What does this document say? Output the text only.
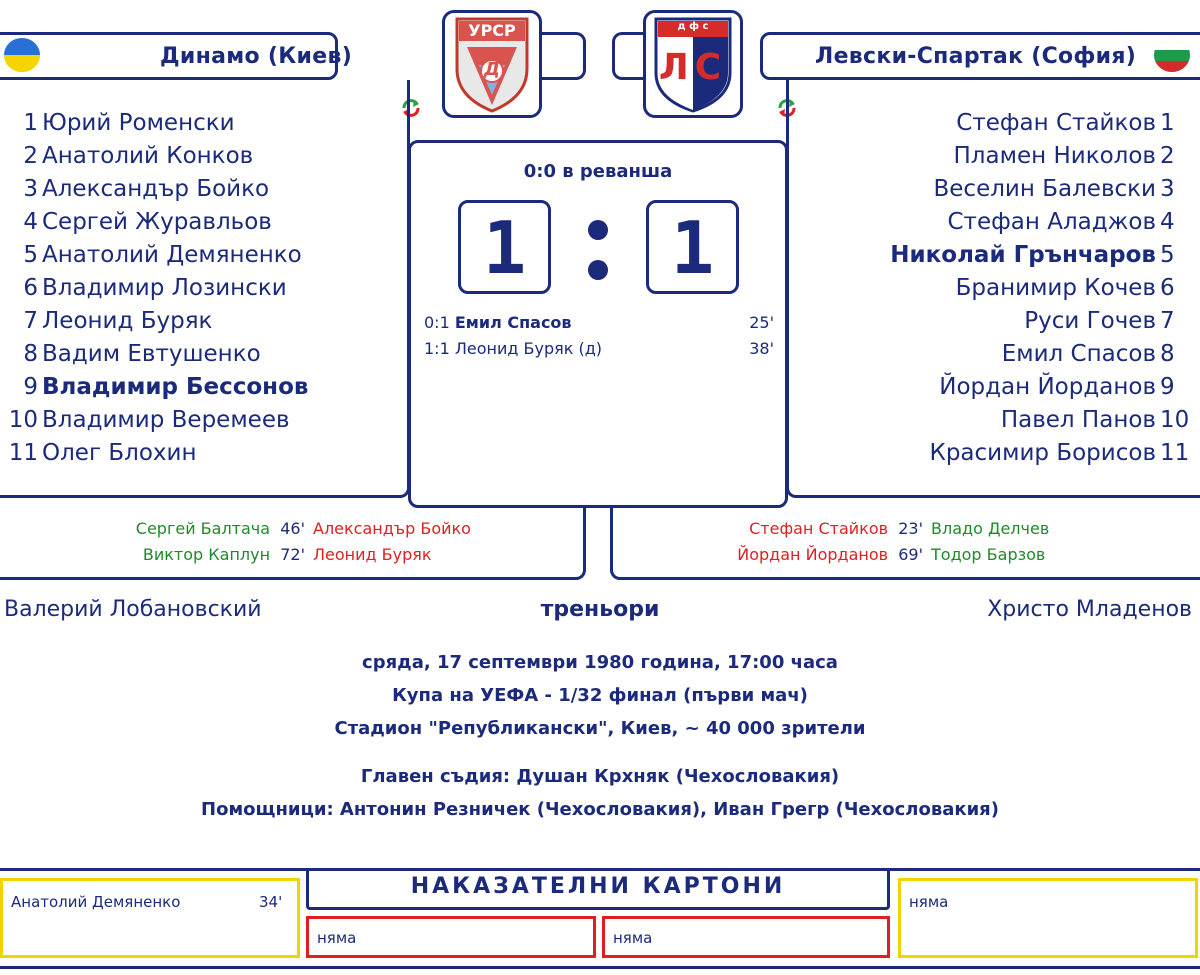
Динамо (Киев)
УРСР
Д
д ф с
ЛС	Левски-Спартак (София)
1 Юрий Роменски
2 Анатолий Конков
3 Александър Бойко
4 Сергей Журавльов
5 Анатолий Демяненко
6 Владимир Лозински
7 Леонид Буряк
8 Вадим Евтушенко
9 Владимир Бессонов
10 Владимир Веремеев
11 Олег Блохин
Стефан Стайков 1
Пламен Николов 2
Веселин Балевски 3
Стефан Аладжов 4
Николай Грънчаров 5
Бранимир Кочев 6
Руси Гочев 7
Емил Спасов 8
Йордан Йорданов 9
Павел Панов 10
Красимир Борисов 11
0:0 в реванша
1	1
0:1 Емил Спасов	25'
1:1 Леонид Буряк (д)	38'
Сергей Балтача 46' Александър Бойко
Виктор Каплун 72' Леонид Буряк
Стефан Стайков 23' Владо Делчев
Йордан Йорданов 69' Тодор Барзов
Валерий Лобановский	треньори	Христо Младенов
сряда, 17 септември 1980 година, 17:00 часа
Купа на УЕФА - 1/32 финал (първи мач)
Стадион "Републикански", Киев, ~ 40 000 зрители
Главен съдия: Душан Крхняк (Чехословакия)
Помощници: Антонин Резничек (Чехословакия), Иван Грегр (Чехословакия)
Анатолий Демяненко	34'
НАКАЗАТЕЛНИ КАРТОНИ
няма	няма
няма
